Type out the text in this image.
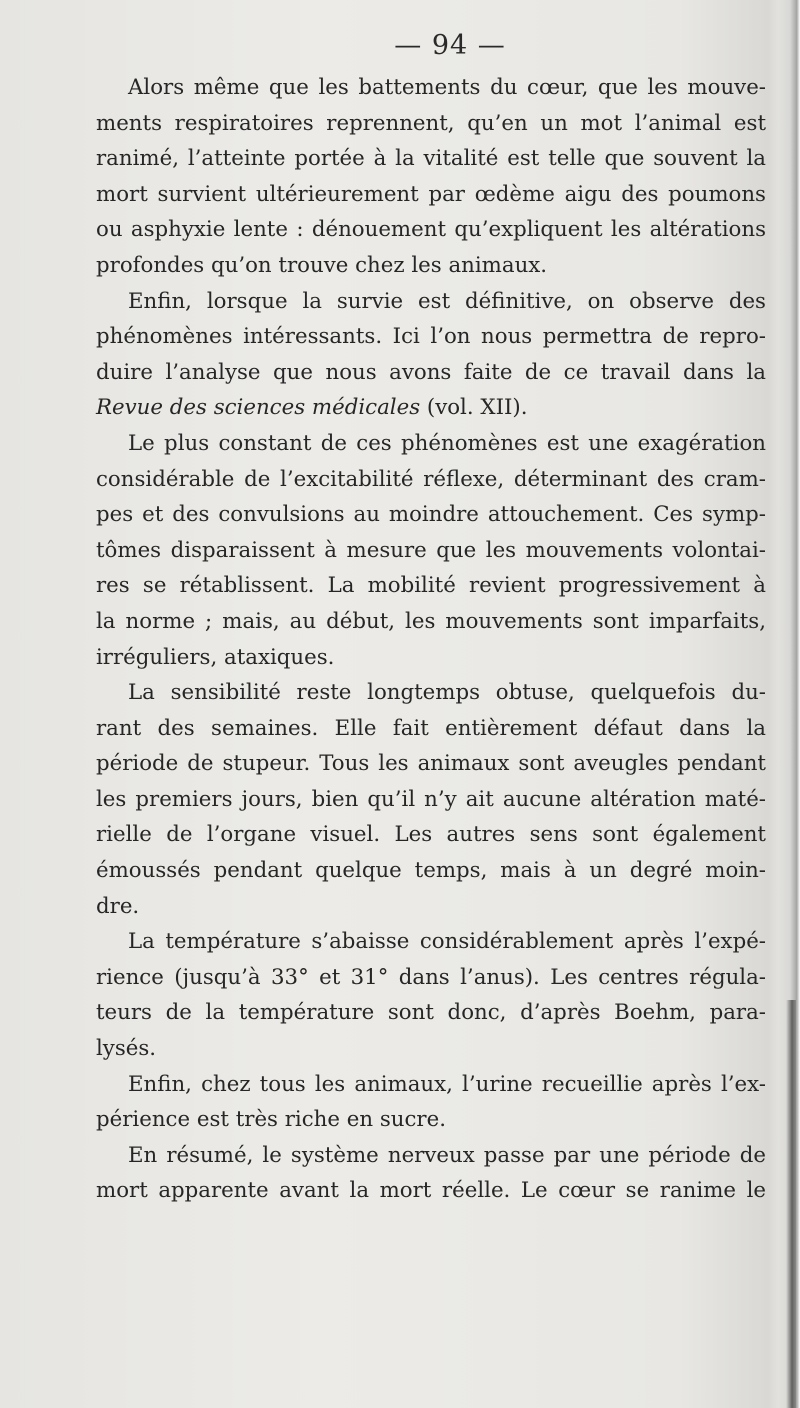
— 94 —
Alors même que les battements du cœur, que les mouve-
ments respiratoires reprennent, qu’en un mot l’animal est
ranimé, l’atteinte portée à la vitalité est telle que souvent la
mort survient ultérieurement par œdème aigu des poumons
ou asphyxie lente : dénouement qu’expliquent les altérations
profondes qu’on trouve chez les animaux.
Enfin, lorsque la survie est définitive, on observe des
phénomènes intéressants. Ici l’on nous permettra de repro-
duire l’analyse que nous avons faite de ce travail dans la
Revue des sciences médicales (vol. XII).
Le plus constant de ces phénomènes est une exagération
considérable de l’excitabilité réflexe, déterminant des cram-
pes et des convulsions au moindre attouchement. Ces symp-
tômes disparaissent à mesure que les mouvements volontai-
res se rétablissent. La mobilité revient progressivement à
la norme ; mais, au début, les mouvements sont imparfaits,
irréguliers, ataxiques.
La sensibilité reste longtemps obtuse, quelquefois du-
rant des semaines. Elle fait entièrement défaut dans la
période de stupeur. Tous les animaux sont aveugles pendant
les premiers jours, bien qu’il n’y ait aucune altération maté-
rielle de l’organe visuel. Les autres sens sont également
émoussés pendant quelque temps, mais à un degré moin-
dre.
La température s’abaisse considérablement après l’expé-
rience (jusqu’à 33° et 31° dans l’anus). Les centres régula-
teurs de la température sont donc, d’après Boehm, para-
lysés.
Enfin, chez tous les animaux, l’urine recueillie après l’ex-
périence est très riche en sucre.
En résumé, le système nerveux passe par une période de
mort apparente avant la mort réelle. Le cœur se ranime le
